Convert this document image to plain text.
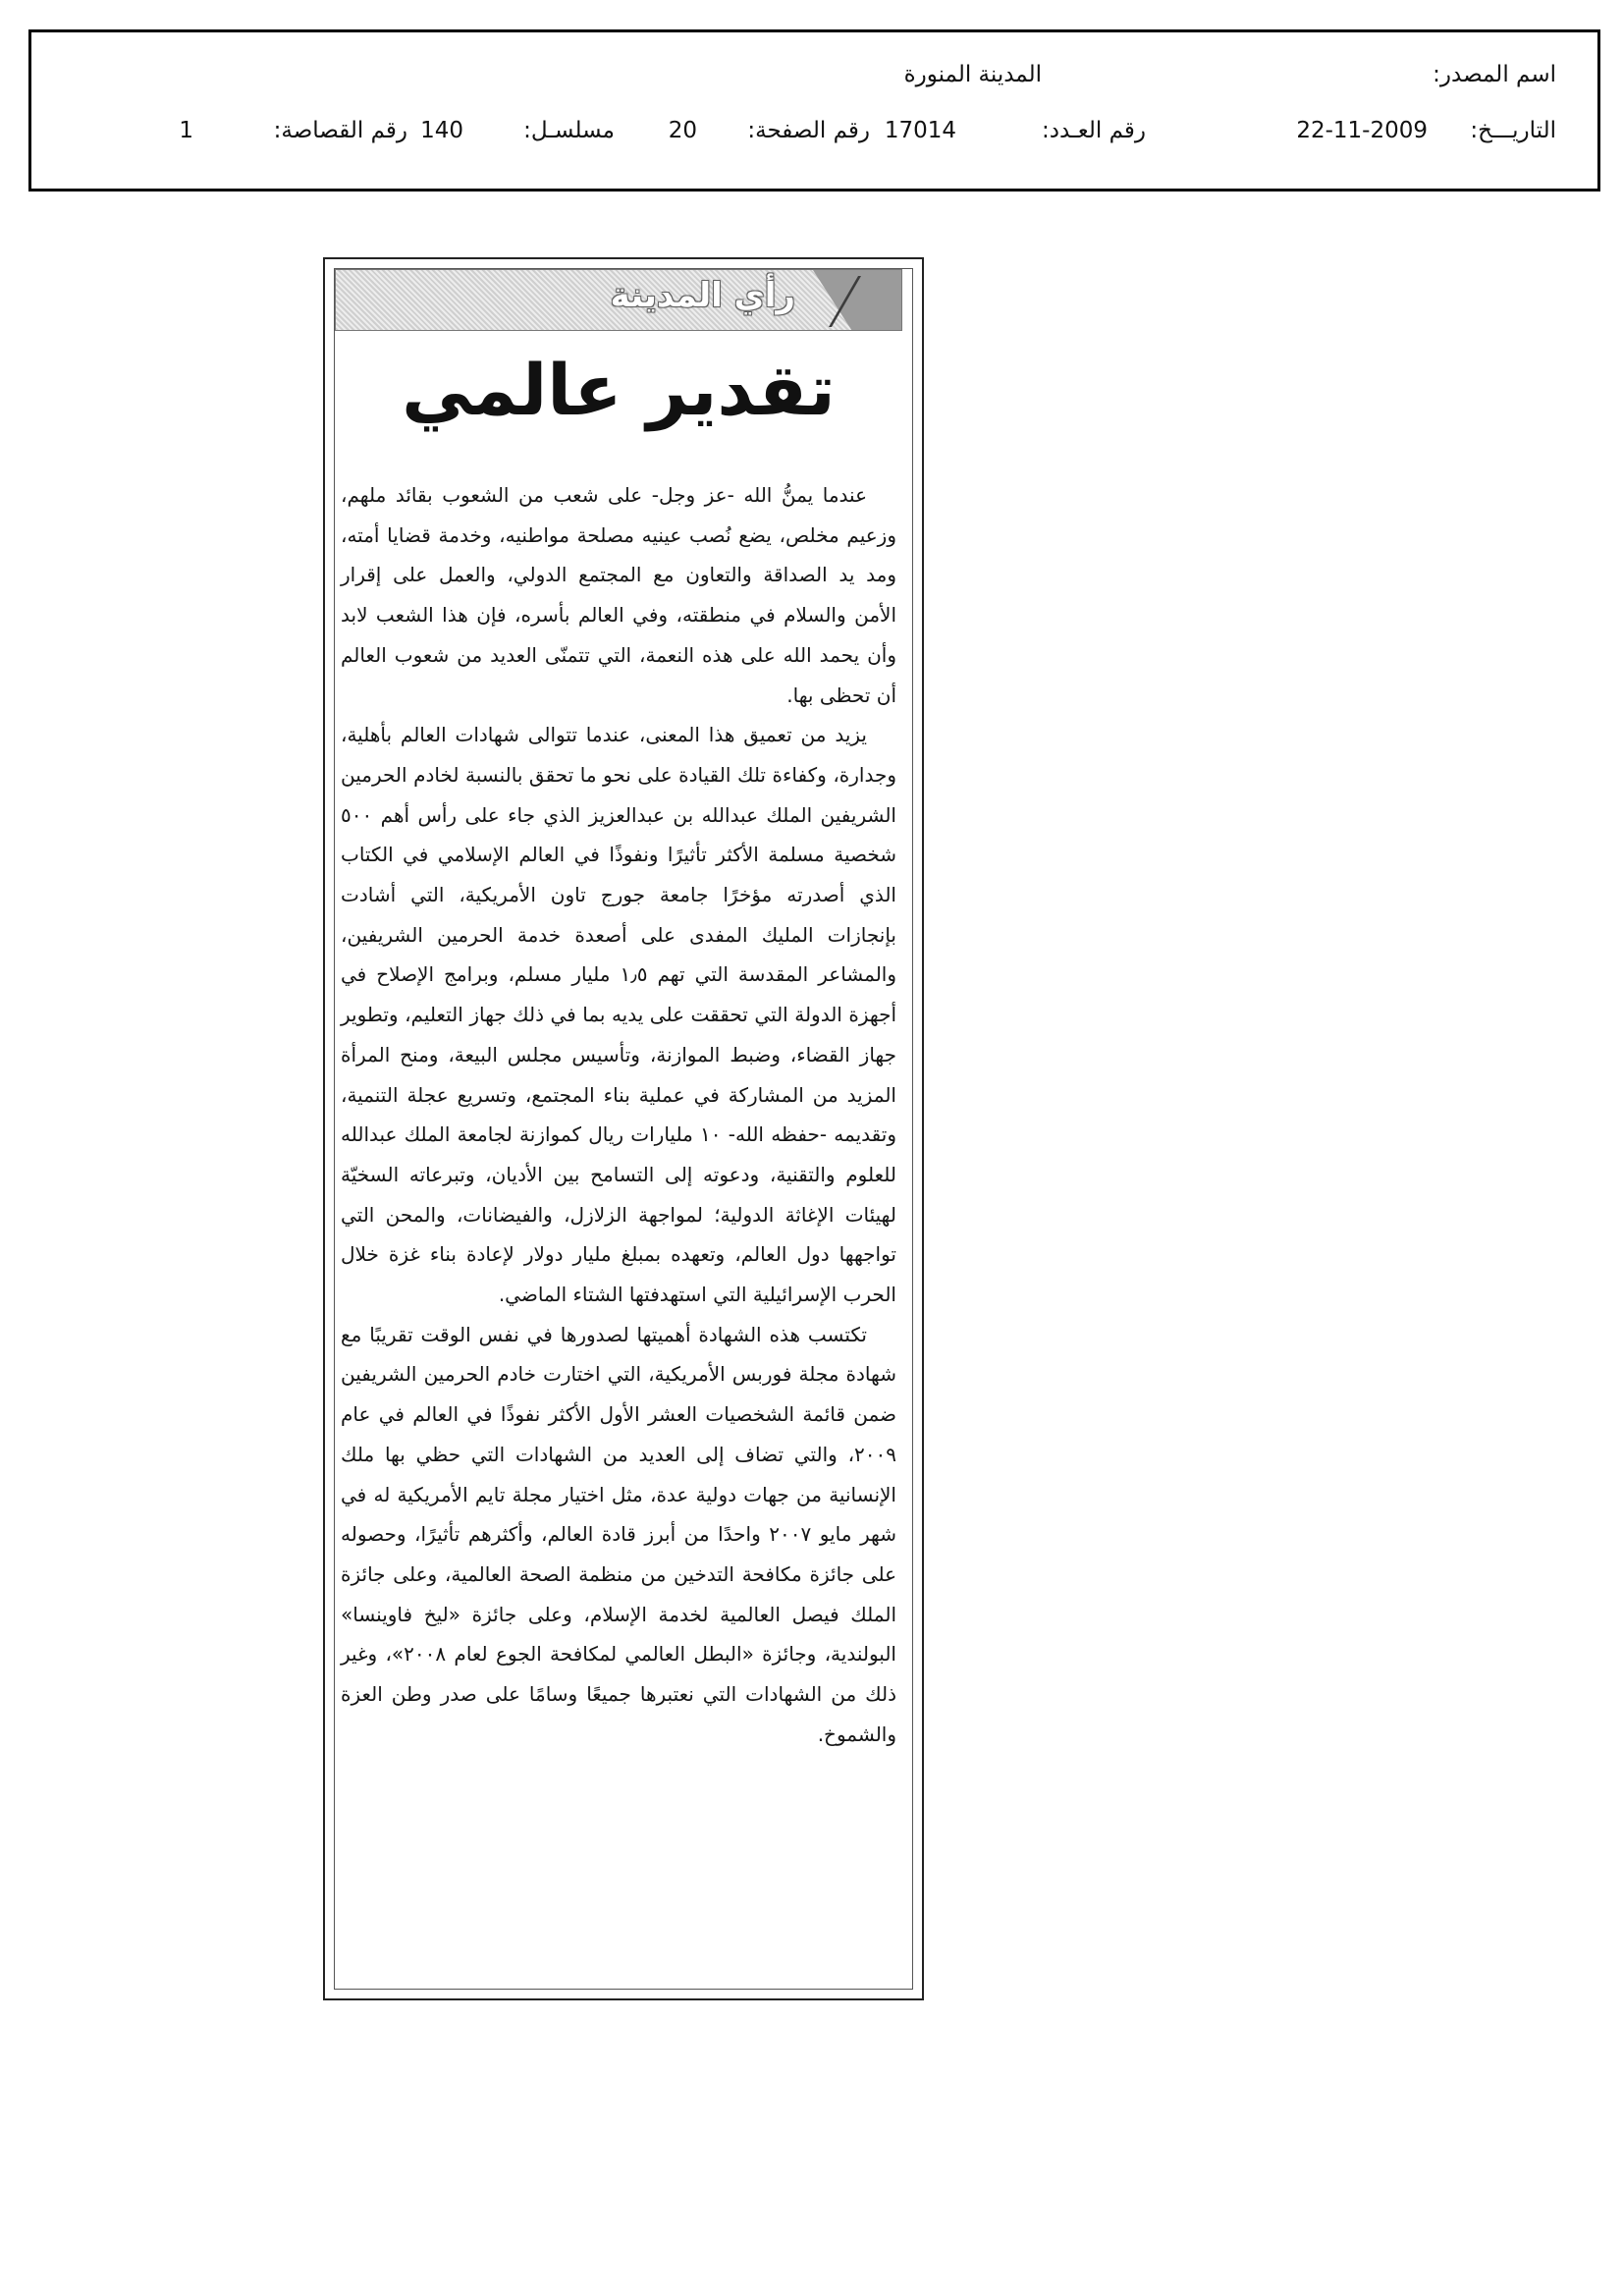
اسم المصدر:
المدينة المنورة
التاريـــخ:
22-11-2009
رقم العـدد:
17014
رقم الصفحة:
20
مسلسـل:
140
رقم القصاصة:
1
رأي المدينة
تقدير عالمي

عندما يمنُّ الله -عز وجل- على شعب من الشعوب بقائد ملهم، وزعيم مخلص، يضع نُصب عينيه مصلحة مواطنيه، وخدمة قضايا أمته، ومد يد الصداقة والتعاون مع المجتمع الدولي، والعمل على إقرار الأمن والسلام في منطقته، وفي العالم بأسره، فإن هذا الشعب لابد وأن يحمد الله على هذه النعمة، التي تتمنّى العديد من شعوب العالم أن تحظى بها.

يزيد من تعميق هذا المعنى، عندما تتوالى شهادات العالم بأهلية، وجدارة، وكفاءة تلك القيادة على نحو ما تحقق بالنسبة لخادم الحرمين الشريفين الملك عبدالله بن عبدالعزيز الذي جاء على رأس أهم ٥٠٠ شخصية مسلمة الأكثر تأثيرًا ونفوذًا في العالم الإسلامي في الكتاب الذي أصدرته مؤخرًا جامعة جورج تاون الأمريكية، التي أشادت بإنجازات المليك المفدى على أصعدة خدمة الحرمين الشريفين، والمشاعر المقدسة التي تهم ١٫٥ مليار مسلم، وبرامج الإصلاح في أجهزة الدولة التي تحققت على يديه بما في ذلك جهاز التعليم، وتطوير جهاز القضاء، وضبط الموازنة، وتأسيس مجلس البيعة، ومنح المرأة المزيد من المشاركة في عملية بناء المجتمع، وتسريع عجلة التنمية، وتقديمه -حفظه الله- ١٠ مليارات ريال كموازنة لجامعة الملك عبدالله للعلوم والتقنية، ودعوته إلى التسامح بين الأديان، وتبرعاته السخيّة لهيئات الإغاثة الدولية؛ لمواجهة الزلازل، والفيضانات، والمحن التي تواجهها دول العالم، وتعهده بمبلغ مليار دولار لإعادة بناء غزة خلال الحرب الإسرائيلية التي استهدفتها الشتاء الماضي.

تكتسب هذه الشهادة أهميتها لصدورها في نفس الوقت تقريبًا مع شهادة مجلة فوربس الأمريكية، التي اختارت خادم الحرمين الشريفين ضمن قائمة الشخصيات العشر الأول الأكثر نفوذًا في العالم في عام ٢٠٠٩، والتي تضاف إلى العديد من الشهادات التي حظي بها ملك الإنسانية من جهات دولية عدة، مثل اختيار مجلة تايم الأمريكية له في شهر مايو ٢٠٠٧ واحدًا من أبرز قادة العالم، وأكثرهم تأثيرًا، وحصوله على جائزة مكافحة التدخين من منظمة الصحة العالمية، وعلى جائزة الملك فيصل العالمية لخدمة الإسلام، وعلى جائزة «ليخ فاوينسا» البولندية، وجائزة «البطل العالمي لمكافحة الجوع لعام ٢٠٠٨»، وغير ذلك من الشهادات التي نعتبرها جميعًا وسامًا على صدر وطن العزة والشموخ.
